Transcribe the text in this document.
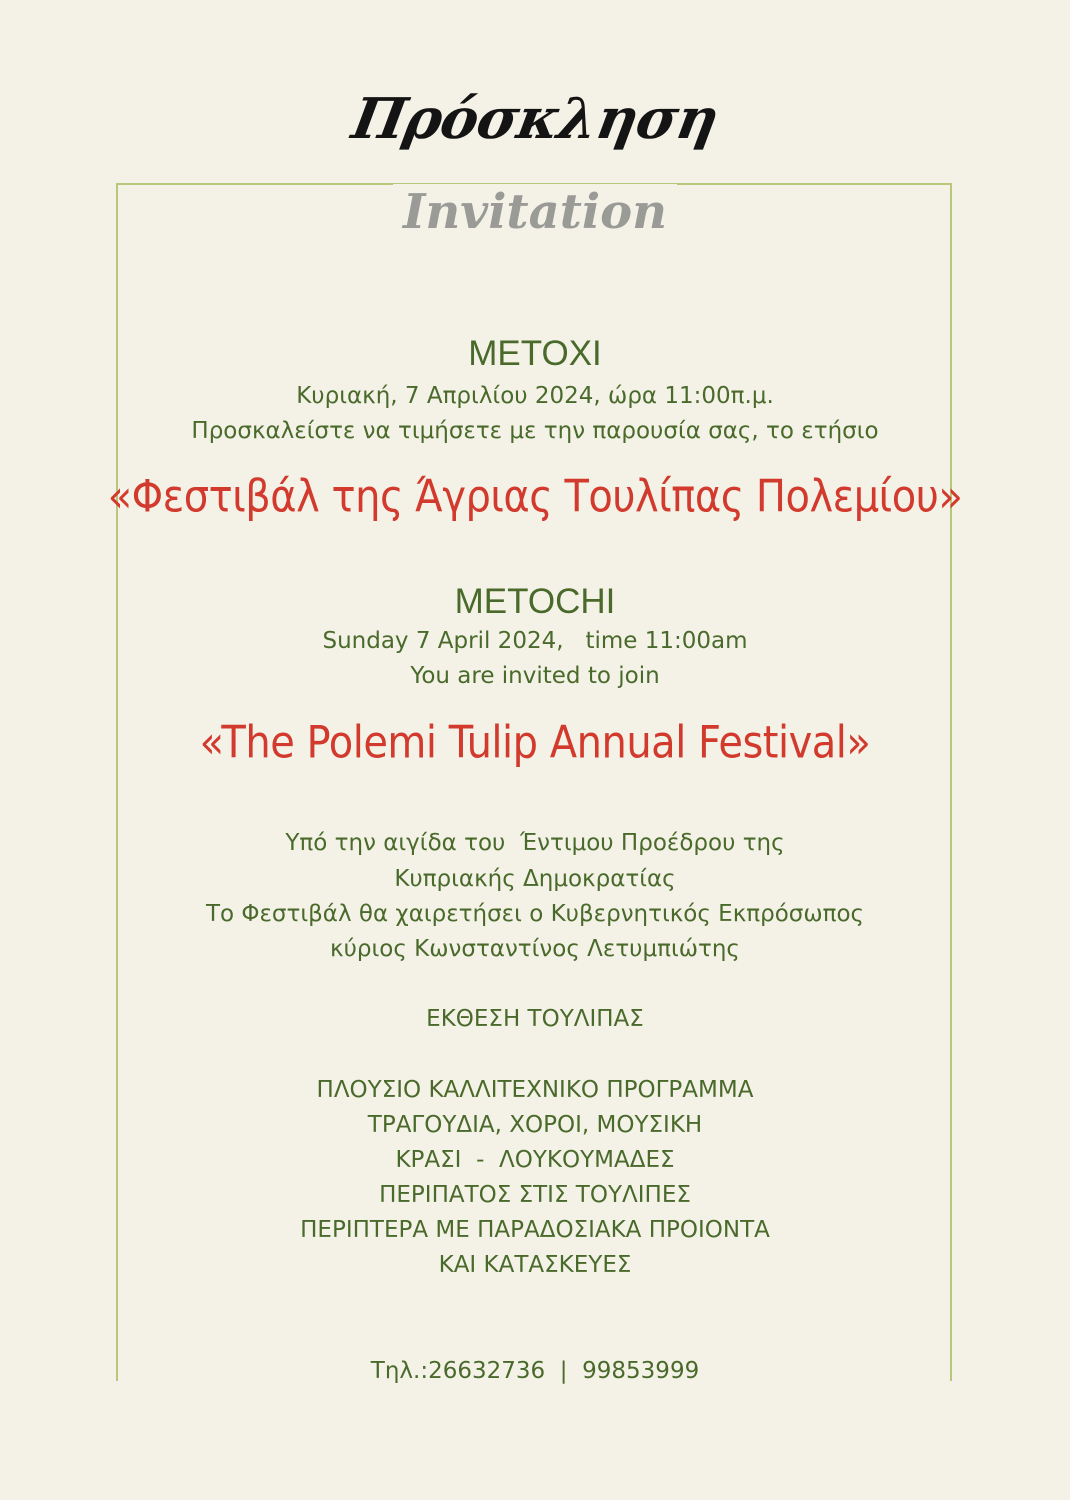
Πρόσκληση
Invitation
ΜΕΤΟΧΙ
Κυριακή, 7 Απριλίου 2024, ώρα 11:00π.μ.
Προσκαλείστε να τιμήσετε με την παρουσία σας, το ετήσιο
«Φεστιβάλ της Άγριας Τουλίπας Πολεμίου»
METOCHI
Sunday 7 April 2024,   time 11:00am
You are invited to join
«The Polemi Tulip Annual Festival»
Υπό την αιγίδα του  Έντιμου Προέδρου της
Κυπριακής Δημοκρατίας
Το Φεστιβάλ θα χαιρετήσει ο Κυβερνητικός Εκπρόσωπος
κύριος Κωνσταντίνος Λετυμπιώτης
ΕΚΘΕΣΗ ΤΟΥΛΙΠΑΣ
ΠΛΟΥΣΙΟ ΚΑΛΛΙΤΕΧΝΙΚΟ ΠΡΟΓΡΑΜΜΑ
ΤΡΑΓΟΥΔΙΑ, ΧΟΡΟΙ, ΜΟΥΣΙΚΗ
ΚΡΑΣΙ  -  ΛΟΥΚΟΥΜΑΔΕΣ
ΠΕΡΙΠΑΤΟΣ ΣΤΙΣ ΤΟΥΛΙΠΕΣ
ΠΕΡΙΠΤΕΡΑ ΜΕ ΠΑΡΑΔΟΣΙΑΚΑ ΠΡΟΙΟΝΤΑ
ΚΑΙ ΚΑΤΑΣΚΕΥΕΣ
Τηλ.:26632736  |  99853999
